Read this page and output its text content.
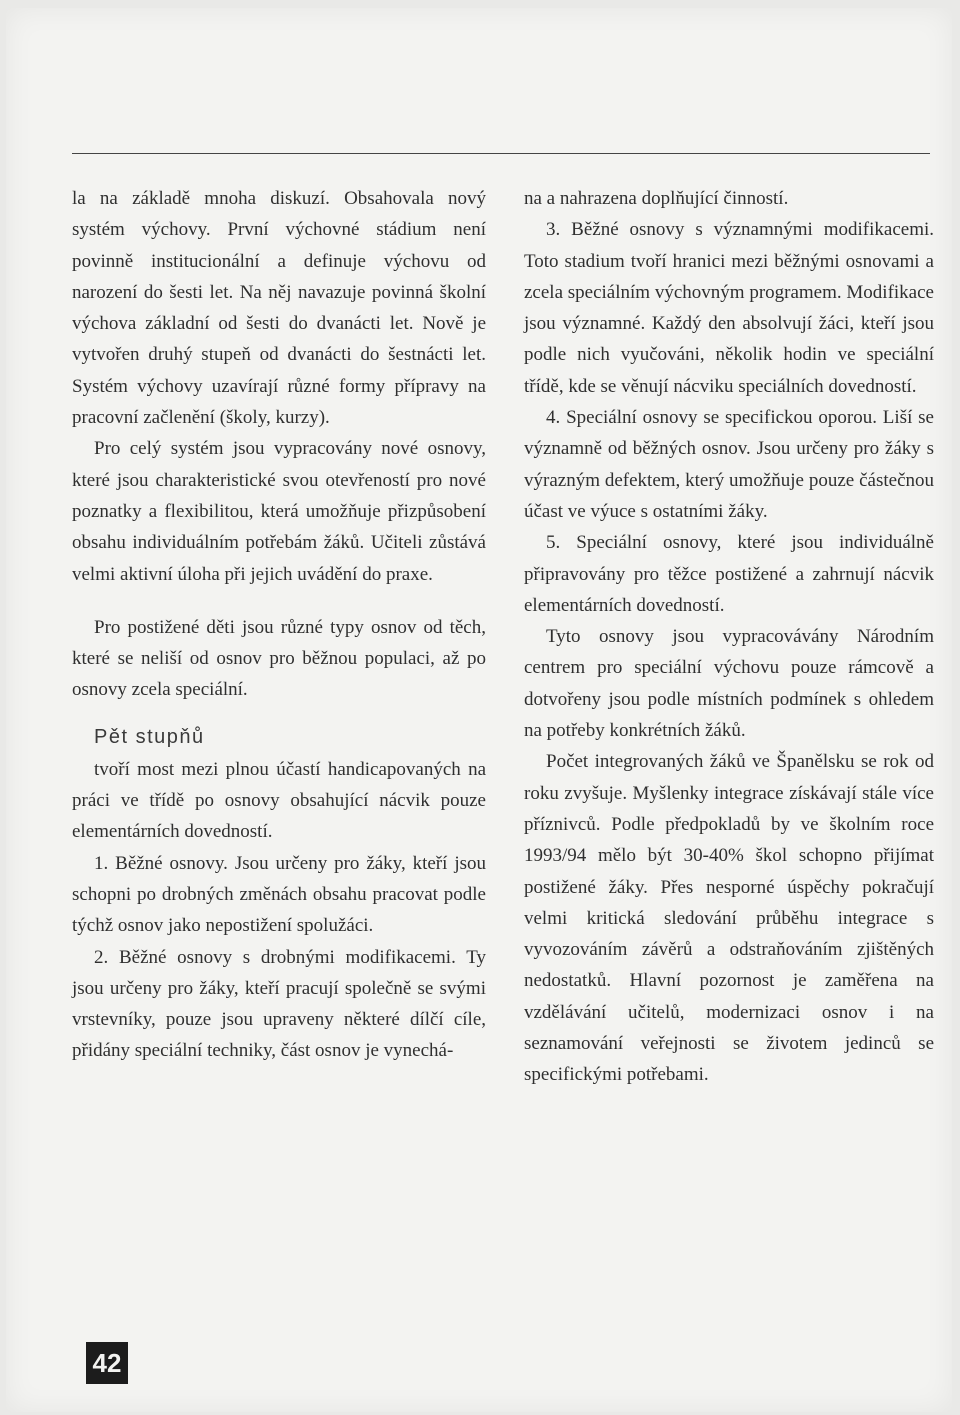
la na základě mnoha diskuzí. Obsahovala nový systém výchovy. První výchovné stádium není povinně institucionální a definuje výchovu od narození do šesti let. Na něj navazuje povinná školní výchova základní od šesti do dvanácti let. Nově je vytvořen druhý stupeň od dvanácti do šestnácti let. Systém výchovy uzavírají různé formy přípravy na pracovní začlenění (školy, kurzy).

Pro celý systém jsou vypracovány nové osnovy, které jsou charakteristické svou otevřeností pro nové poznatky a flexibilitou, která umožňuje přizpůsobení obsahu individuálním potřebám žáků. Učiteli zůstává velmi aktivní úloha při jejich uvádění do praxe.

Pro postižené děti jsou různé typy osnov od těch, které se neliší od osnov pro běžnou populaci, až po osnovy zcela speciální.

Pět stupňů

tvoří most mezi plnou účastí handicapovaných na práci ve třídě po osnovy obsahující nácvik pouze elementárních dovedností.

1. Běžné osnovy. Jsou určeny pro žáky, kteří jsou schopni po drobných změnách obsahu pracovat podle týchž osnov jako nepostižení spolužáci.

2. Běžné osnovy s drobnými modifikacemi. Ty jsou určeny pro žáky, kteří pracují společně se svými vrstevníky, pouze jsou upraveny některé dílčí cíle, přidány speciální techniky, část osnov je vynechá-

na a nahrazena doplňující činností.

3. Běžné osnovy s významnými modifikacemi. Toto stadium tvoří hranici mezi běžnými osnovami a zcela speciálním výchovným programem. Modifikace jsou významné. Každý den absolvují žáci, kteří jsou podle nich vyučováni, několik hodin ve speciální třídě, kde se věnují nácviku speciálních dovedností.

4. Speciální osnovy se specifickou oporou. Liší se významně od běžných osnov. Jsou určeny pro žáky s výrazným defektem, který umožňuje pouze částečnou účast ve výuce s ostatními žáky.

5. Speciální osnovy, které jsou individuálně připravovány pro těžce postižené a zahrnují nácvik elementárních dovedností.

Tyto osnovy jsou vypracovávány Národním centrem pro speciální výchovu pouze rámcově a dotvořeny jsou podle místních podmínek s ohledem na potřeby konkrétních žáků.

Počet integrovaných žáků ve Španělsku se rok od roku zvyšuje. Myšlenky integrace získávají stále více příznivců. Podle předpokladů by ve školním roce 1993/94 mělo být 30-40% škol schopno přijímat postižené žáky. Přes nesporné úspěchy pokračují velmi kritická sledování průběhu integrace s vyvozováním závěrů a odstraňováním zjištěných nedostatků. Hlavní pozornost je zaměřena na vzdělávání učitelů, modernizaci osnov i na seznamování veřejnosti se životem jedinců se specifickými potřebami.

42
